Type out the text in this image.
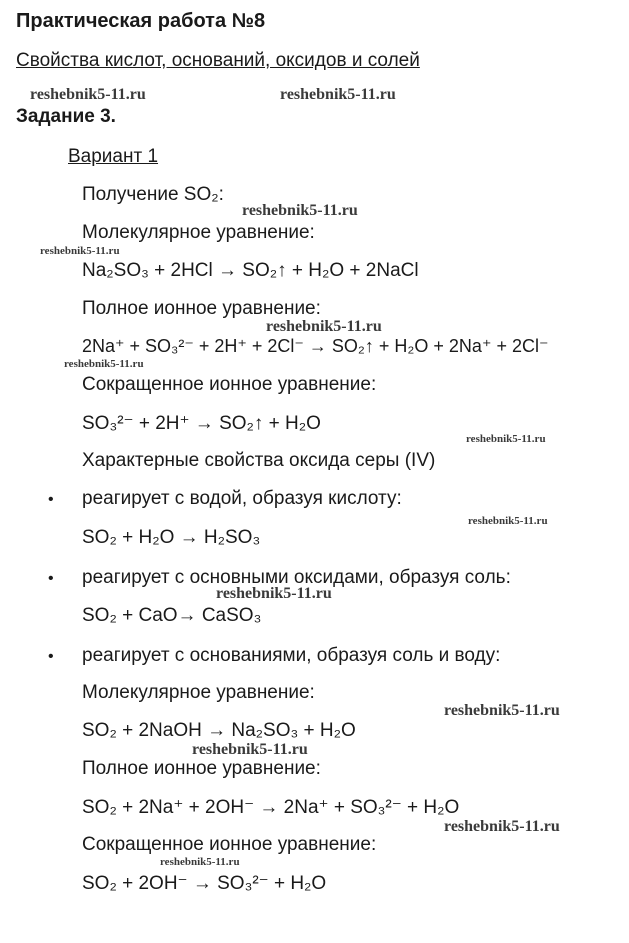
Практическая работа №8
Свойства кислот, оснований, оксидов и солей
Задание 3.
Вариант 1
Получение SO₂:
Молекулярное уравнение:
Na₂SO₃ + 2HCl → SO₂↑ + H₂O + 2NaCl
Полное ионное уравнение:
2Na⁺ + SO₃²⁻ + 2H⁺ + 2Cl⁻ → SO₂↑ + H₂O + 2Na⁺ + 2Cl⁻
Сокращенное ионное уравнение:
SO₃²⁻ + 2H⁺ → SO₂↑ + H₂O
Характерные свойства оксида серы (IV)
• реагирует с водой, образуя кислоту:
SO₂ + H₂O → H₂SO₃
• реагирует с основными оксидами, образуя соль:
SO₂ + CaO→ CaSO₃
• реагирует с основаниями, образуя соль и воду:
Молекулярное уравнение:
SO₂ + 2NaOH → Na₂SO₃ + H₂O
Полное ионное уравнение:
SO₂ + 2Na⁺ + 2OH⁻ → 2Na⁺ + SO₃²⁻ + H₂O
Сокращенное ионное уравнение:
SO₂ + 2OH⁻ → SO₃²⁻ + H₂O
reshebnik5-11.ru	reshebnik5-11.ru
reshebnik5-11.ru
reshebnik5-11.ru
reshebnik5-11.ru
reshebnik5-11.ru
reshebnik5-11.ru
reshebnik5-11.ru
reshebnik5-11.ru
reshebnik5-11.ru
reshebnik5-11.ru
reshebnik5-11.ru
reshebnik5-11.ru
